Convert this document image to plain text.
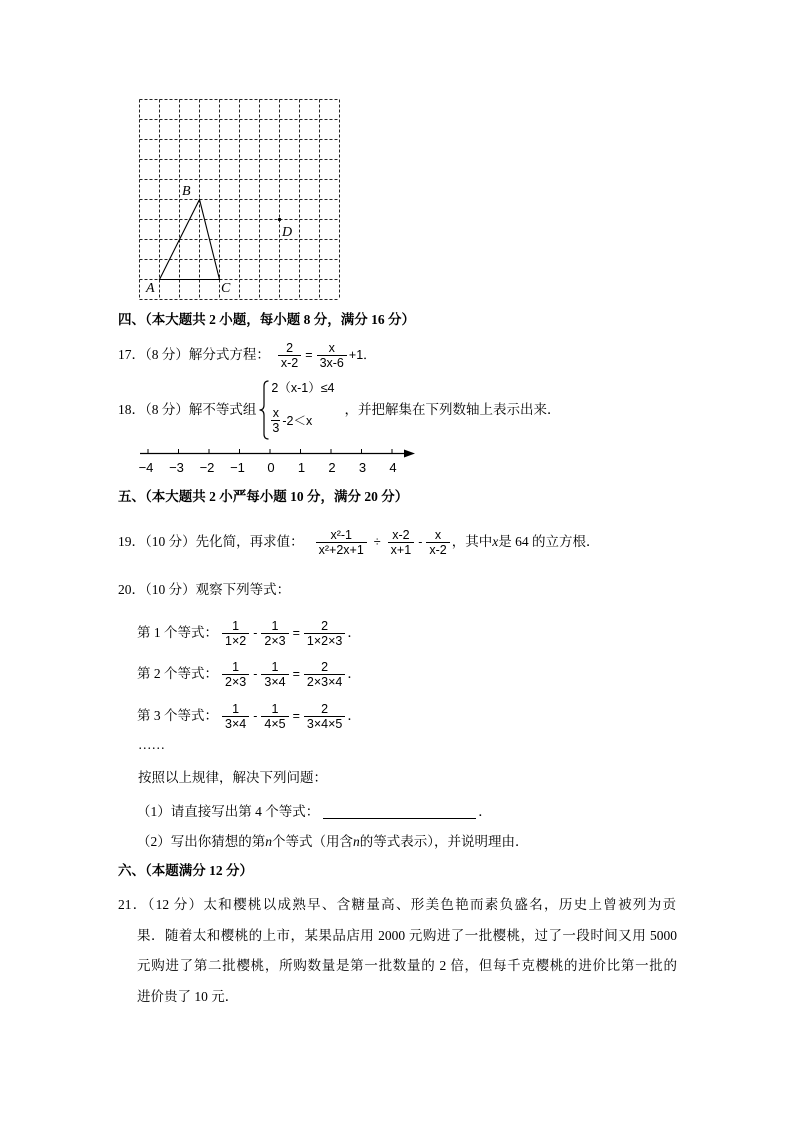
A
B
C
D
四、（本大题共 2 小题，每小题 8 分，满分 16 分）
17．（8 分）解分式方程： $\frac{2}{x-2} = \frac{x}{3x-6} +1$．
18．（8 分）解不等式组
2（x-1）≤4
$\frac{x}{3} -2<x$
，并把解集在下列数轴上表示出来．
−4 −3 −2 −1 0 1 2 3 4
五、（本大题共 2 小严每小题 10 分，满分 20 分）
19．（10 分）先化简，再求值： $\frac{\text{x²-1}}{\text{x²+2x+1}} \div \frac{x-2}{x+1} - \frac{x}{x-2}$ ，其中 x 是 64 的立方根．
20．（10 分）观察下列等式：
第 1 个等式： $\frac{1}{1\times 2} - \frac{1}{2\times 3} = \frac{2}{1\times 2\times 3}$ ．
第 2 个等式： $\frac{1}{2\times 3} - \frac{1}{3\times 4} = \frac{2}{2\times 3\times 4}$ ．
第 3 个等式： $\frac{1}{3\times 4} - \frac{1}{4\times 5} = \frac{2}{3\times 4\times 5}$ ．
……
按照以上规律，解决下列问题：
（1）请直接写出第 4 个等式：	．
（2）写出你猜想的第 n 个等式（用含 n 的等式表示），并说明理由．
六、（本题满分 12 分）
21．（12 分）太和樱桃以成熟早、含糖量高、形美色艳而素负盛名，历史上曾被列为贡
果．随着太和樱桃的上市，某果品店用 2000 元购进了一批樱桃，过了一段时间又用 5000
元购进了第二批樱桃，所购数量是第一批数量的 2 倍，但每千克樱桃的进价比第一批的
进价贵了 10 元．
